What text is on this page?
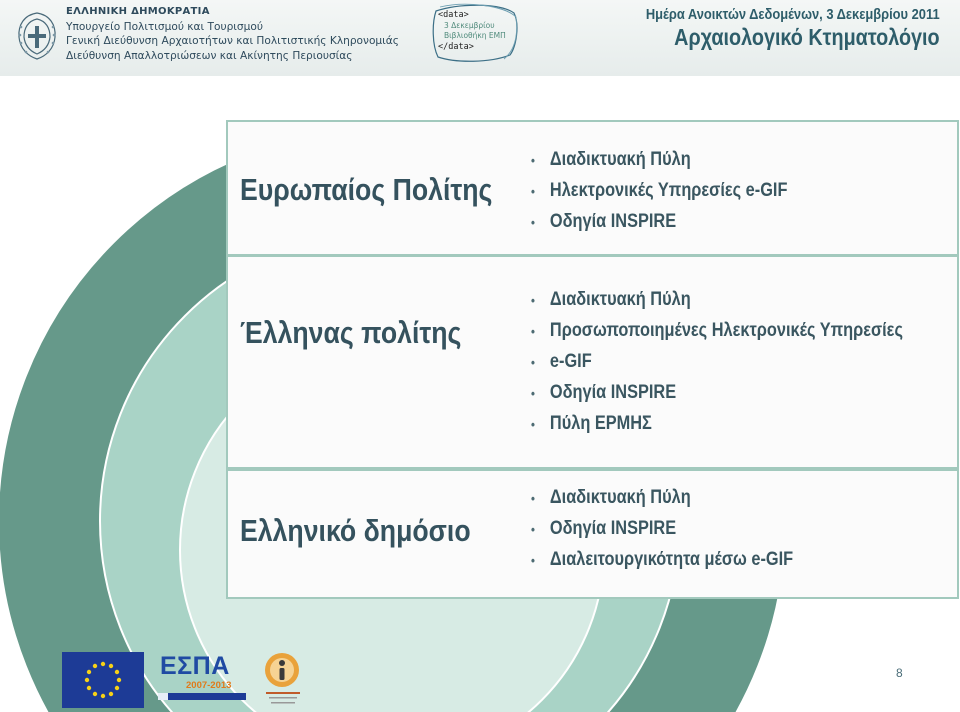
ΕΛΛΗΝΙΚΗ ΔΗΜΟΚΡΑΤΙΑ
Υπουργείο Πολιτισμού και Τουρισμού
Γενική Διεύθυνση Αρχαιοτήτων και Πολιτιστικής Κληρονομιάς
Διεύθυνση Απαλλοτριώσεων και Ακίνητης Περιουσίας
<data>
3 Δεκεμβρίου
Βιβλιοθήκη ΕΜΠ
</data>
Ημέρα Ανοικτών Δεδομένων, 3 Δεκεμβρίου 2011
Αρχαιολογικό Κτηματολόγιο
Ευρωπαίος Πολίτης
• Διαδικτυακή Πύλη
• Ηλεκτρονικές Υπηρεσίες e-GIF
• Οδηγία INSPIRE
Έλληνας πολίτης
• Διαδικτυακή Πύλη
• Προσωποποιημένες Ηλεκτρονικές Υπηρεσίες
• e-GIF
• Οδηγία INSPIRE
• Πύλη ΕΡΜΗΣ
Ελληνικό δημόσιο
• Διαδικτυακή Πύλη
• Οδηγία INSPIRE
• Διαλειτουργικότητα μέσω e-GIF
ΕΣΠΑ
2007-2013
8
